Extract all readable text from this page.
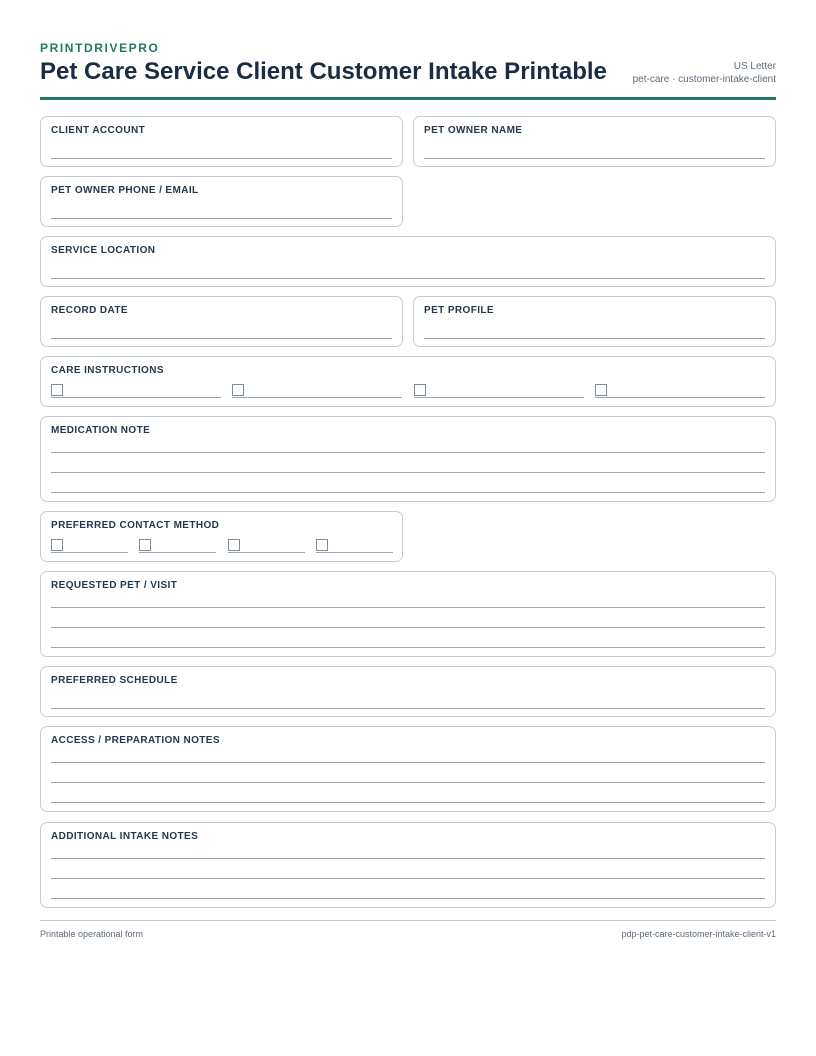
PRINTDRIVEPRO
Pet Care Service Client Customer Intake Printable	US Letter
pet-care · customer-intake-client
CLIENT ACCOUNT	PET OWNER NAME
PET OWNER PHONE / EMAIL
SERVICE LOCATION
RECORD DATE	PET PROFILE
CARE INSTRUCTIONS
MEDICATION NOTE
PREFERRED CONTACT METHOD
REQUESTED PET / VISIT
PREFERRED SCHEDULE
ACCESS / PREPARATION NOTES
ADDITIONAL INTAKE NOTES
Printable operational form	pdp-pet-care-customer-intake-client-v1
